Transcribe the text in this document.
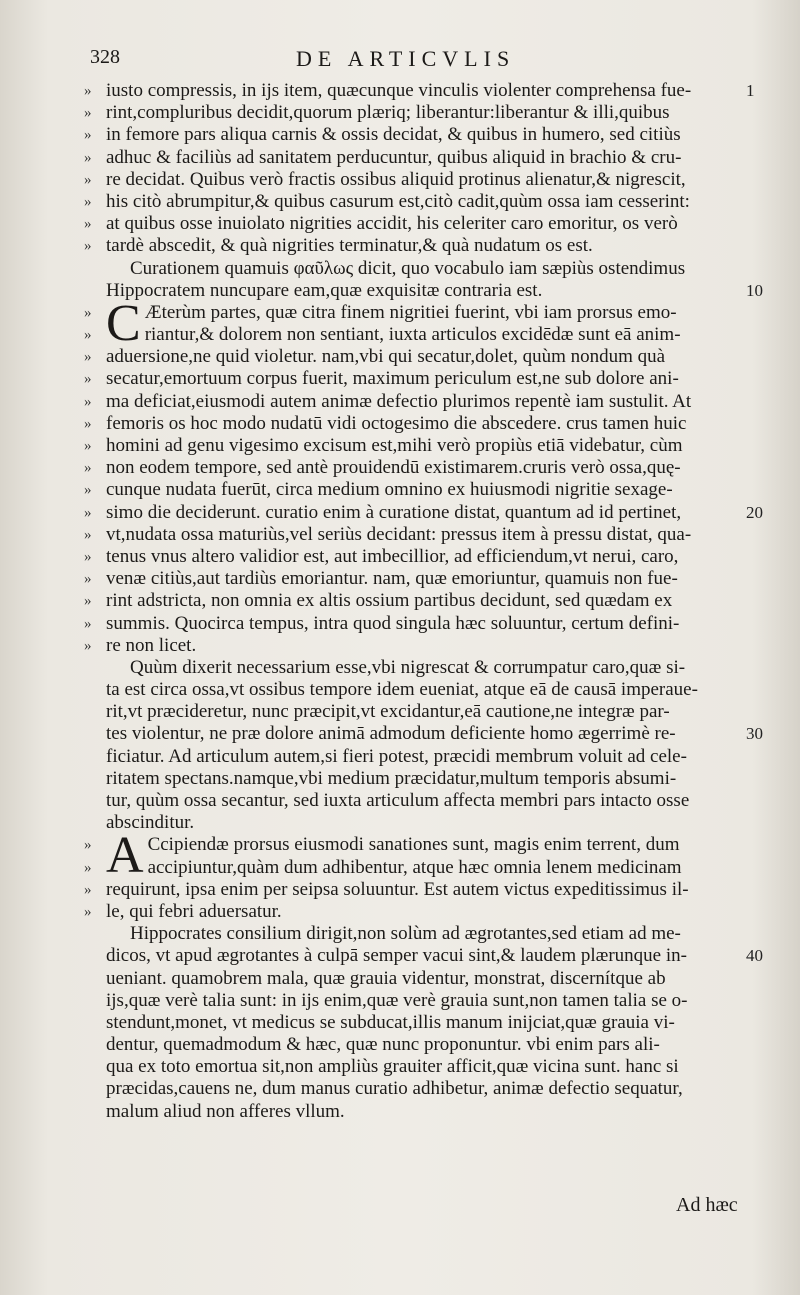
328	DE ARTICVLIS
» iusto compressis, in ijs item, quæcunque vinculis violenter comprehensa fue-	1
» rint,compluribus decidit,quorum plæriq; liberantur:liberantur & illi,quibus
» in femore pars aliqua carnis & ossis decidat, & quibus in humero, sed citiùs
» adhuc & faciliùs ad sanitatem perducuntur, quibus aliquid in brachio & cru-
» re decidat. Quibus verò fractis ossibus aliquid protinus alienatur,& nigrescit,
» his citò abrumpitur,& quibus casurum est,citò cadit,quùm ossa iam cesserint:
» at quibus osse inuiolato nigrities accidit, his celeriter caro emoritur, os verò
» tardè abscedit, & quà nigrities terminatur,& quà nudatum os est.
Curationem quamuis φαῦλως dicit, quo vocabulo iam sæpiùs ostendimus
Hippocratem nuncupare eam,quæ exquisitæ contraria est.	10
» C Æterùm partes, quæ citra finem nigritiei fuerint, vbi iam prorsus emo-
»	riantur,& dolorem non sentiant, iuxta articulos excidēdæ sunt eā anim-
» aduersione,ne quid violetur. nam,vbi qui secatur,dolet, quùm nondum quà
» secatur,emortuum corpus fuerit, maximum periculum est,ne sub dolore ani-
» ma deficiat,eiusmodi autem animæ defectio plurimos repentè iam sustulit. At
» femoris os hoc modo nudatū vidi octogesimo die abscedere. crus tamen huic
» homini ad genu vigesimo excisum est,mihi verò propiùs etiā videbatur, cùm
» non eodem tempore, sed antè prouidendū existimarem.cruris verò ossa,quę-
» cunque nudata fuerūt, circa medium omnino ex huiusmodi nigritie sexage-
» simo die deciderunt. curatio enim à curatione distat, quantum ad id pertinet,	20
» vt,nudata ossa maturiùs,vel seriùs decidant: pressus item à pressu distat, qua-
» tenus vnus altero validior est, aut imbecillior, ad efficiendum,vt nerui, caro,
» venæ citiùs,aut tardiùs emoriantur. nam, quæ emoriuntur, quamuis non fue-
» rint adstricta, non omnia ex altis ossium partibus decidunt, sed quædam ex
» summis. Quocirca tempus, intra quod singula hæc soluuntur, certum defini-
» re non licet.
Quùm dixerit necessarium esse,vbi nigrescat & corrumpatur caro,quæ si-
ta est circa ossa,vt ossibus tempore idem eueniat, atque eā de causā imperaue-
rit,vt præcideretur, nunc præcipit,vt excidantur,eā cautione,ne integræ par-
tes violentur, ne præ dolore animā admodum deficiente homo ægerrimè re-	30
ficiatur. Ad articulum autem,si fieri potest, præcidi membrum voluit ad cele-
ritatem spectans.namque,vbi medium præcidatur,multum temporis absumi-
tur, quùm ossa secantur, sed iuxta articulum affecta membri pars intacto osse
abscinditur.
» A Ccipiendæ prorsus eiusmodi sanationes sunt, magis enim terrent, dum
»	accipiuntur,quàm dum adhibentur, atque hæc omnia lenem medicinam
» requirunt, ipsa enim per seipsa soluuntur. Est autem victus expeditissimus il-
» le, qui febri aduersatur.
Hippocrates consilium dirigit,non solùm ad ægrotantes,sed etiam ad me-
dicos, vt apud ægrotantes à culpā semper vacui sint,& laudem plærunque in-	40
ueniant. quamobrem mala, quæ grauia videntur, monstrat, discernítque ab
ijs,quæ verè talia sunt: in ijs enim,quæ verè grauia sunt,non tamen talia se o-
stendunt,monet, vt medicus se subducat,illis manum inijciat,quæ grauia vi-
dentur, quemadmodum & hæc, quæ nunc proponuntur. vbi enim pars ali-
qua ex toto emortua sit,non ampliùs grauiter afficit,quæ vicina sunt. hanc si
præcidas,cauens ne, dum manus curatio adhibetur, animæ defectio sequatur,
malum aliud non afferes vllum.
Ad hæc
